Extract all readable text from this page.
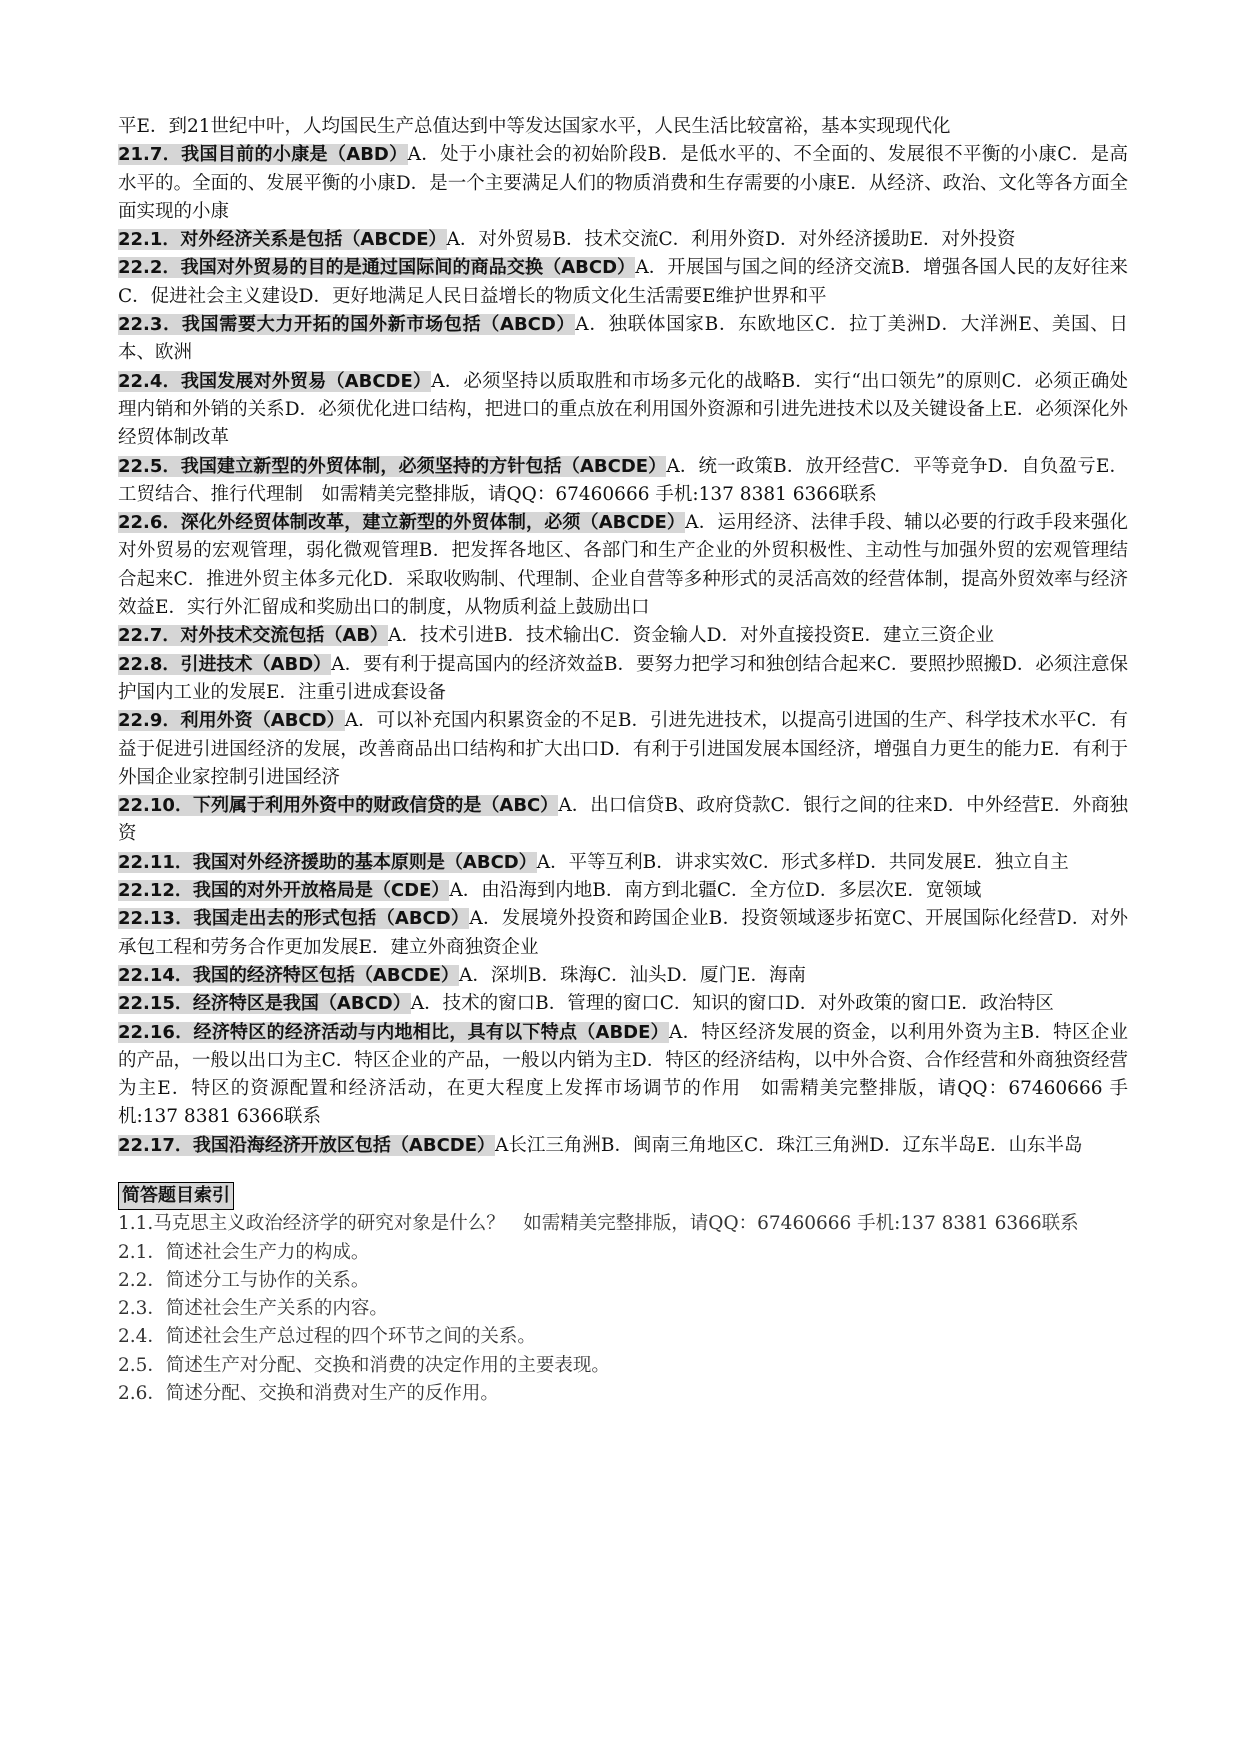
平E．到21世纪中叶，人均国民生产总值达到中等发达国家水平，人民生活比较富裕，基本实现现代化

21.7．我国目前的小康是（ABD）A．处于小康社会的初始阶段B．是低水平的、不全面的、发展很不平衡的小康C．是高水平的。全面的、发展平衡的小康D．是一个主要满足人们的物质消费和生存需要的小康E．从经济、政治、文化等各方面全面实现的小康

22.1．对外经济关系是包括（ABCDE）A．对外贸易B．技术交流C．利用外资D．对外经济援助E．对外投资

22.2．我国对外贸易的目的是通过国际间的商品交换（ABCD）A．开展国与国之间的经济交流B．增强各国人民的友好往来C．促进社会主义建设D．更好地满足人民日益增长的物质文化生活需要E维护世界和平

22.3．我国需要大力开拓的国外新市场包括（ABCD）A．独联体国家B．东欧地区C．拉丁美洲D．大洋洲E、美国、日本、欧洲

22.4．我国发展对外贸易（ABCDE）A．必须坚持以质取胜和市场多元化的战略B．实行“出口领先”的原则C．必须正确处理内销和外销的关系D．必须优化进口结构，把进口的重点放在利用国外资源和引进先进技术以及关键设备上E．必须深化外经贸体制改革

22.5．我国建立新型的外贸体制，必须坚持的方针包括（ABCDE）A．统一政策B．放开经营C．平等竞争D．自负盈亏E．工贸结合、推行代理制　如需精美完整排版，请QQ：67460666 手机:137 8381 6366联系

22.6．深化外经贸体制改革，建立新型的外贸体制，必须（ABCDE）A．运用经济、法律手段、辅以必要的行政手段来强化对外贸易的宏观管理，弱化微观管理B．把发挥各地区、各部门和生产企业的外贸积极性、主动性与加强外贸的宏观管理结合起来C．推进外贸主体多元化D．采取收购制、代理制、企业自营等多种形式的灵活高效的经营体制，提高外贸效率与经济效益E．实行外汇留成和奖励出口的制度，从物质利益上鼓励出口

22.7．对外技术交流包括（AB）A．技术引进B．技术输出C．资金输人D．对外直接投资E．建立三资企业

22.8．引进技术（ABD）A．要有利于提高国内的经济效益B．要努力把学习和独创结合起来C．要照抄照搬D．必须注意保护国内工业的发展E．注重引进成套设备

22.9．利用外资（ABCD）A．可以补充国内积累资金的不足B．引进先进技术，以提高引进国的生产、科学技术水平C．有益于促进引进国经济的发展，改善商品出口结构和扩大出口D．有利于引进国发展本国经济，增强自力更生的能力E．有利于外国企业家控制引进国经济

22.10．下列属于利用外资中的财政信贷的是（ABC）A．出口信贷B、政府贷款C．银行之间的往来D．中外经营E．外商独资

22.11．我国对外经济援助的基本原则是（ABCD）A．平等互利B．讲求实效C．形式多样D．共同发展E．独立自主

22.12．我国的对外开放格局是（CDE）A．由沿海到内地B．南方到北疆C．全方位D．多层次E．宽领域

22.13．我国走出去的形式包括（ABCD）A．发展境外投资和跨国企业B．投资领域逐步拓宽C、开展国际化经营D．对外承包工程和劳务合作更加发展E．建立外商独资企业

22.14．我国的经济特区包括（ABCDE）A．深圳B．珠海C．汕头D．厦门E．海南

22.15．经济特区是我国（ABCD）A．技术的窗口B．管理的窗口C．知识的窗口D．对外政策的窗口E．政治特区

22.16．经济特区的经济活动与内地相比，具有以下特点（ABDE）A．特区经济发展的资金，以利用外资为主B．特区企业的产品，一般以出口为主C．特区企业的产品，一般以内销为主D．特区的经济结构，以中外合资、合作经营和外商独资经营为主E．特区的资源配置和经济活动，在更大程度上发挥市场调节的作用　如需精美完整排版，请QQ：67460666 手机:137 8381 6366联系

22.17．我国沿海经济开放区包括（ABCDE）A长江三角洲B．闽南三角地区C．珠江三角洲D．辽东半岛E．山东半岛

简答题目索引

1.1.马克思主义政治经济学的研究对象是什么？　如需精美完整排版，请QQ：67460666 手机:137 8381 6366联系

2.1．简述社会生产力的构成。

2.2．简述分工与协作的关系。

2.3．简述社会生产关系的内容。

2.4．简述社会生产总过程的四个环节之间的关系。

2.5．简述生产对分配、交换和消费的决定作用的主要表现。

2.6．简述分配、交换和消费对生产的反作用。
